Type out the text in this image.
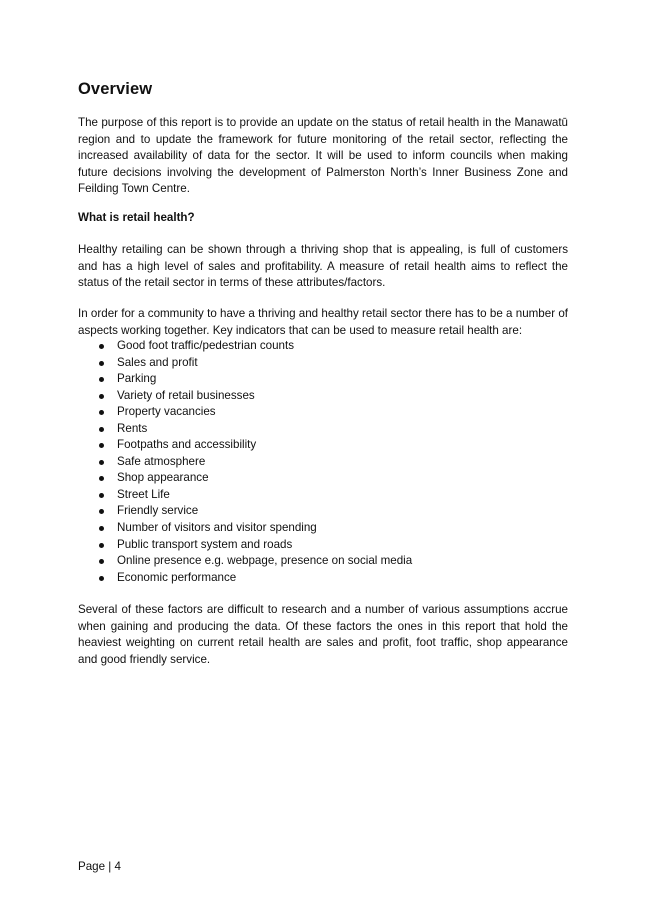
Overview

The purpose of this report is to provide an update on the status of retail health in the Manawatū region and to update the framework for future monitoring of the retail sector, reflecting the increased availability of data for the sector. It will be used to inform councils when making future decisions involving the development of Palmerston North’s Inner Business Zone and Feilding Town Centre.

What is retail health?

Healthy retailing can be shown through a thriving shop that is appealing, is full of customers and has a high level of sales and profitability. A measure of retail health aims to reflect the status of the retail sector in terms of these attributes/factors.

In order for a community to have a thriving and healthy retail sector there has to be a number of aspects working together. Key indicators that can be used to measure retail health are:

Good foot traffic/pedestrian counts
Sales and profit
Parking
Variety of retail businesses
Property vacancies
Rents
Footpaths and accessibility
Safe atmosphere
Shop appearance
Street Life
Friendly service
Number of visitors and visitor spending
Public transport system and roads
Online presence e.g. webpage, presence on social media
Economic performance

Several of these factors are difficult to research and a number of various assumptions accrue when gaining and producing the data. Of these factors the ones in this report that hold the heaviest weighting on current retail health are sales and profit, foot traffic, shop appearance and good friendly service.

Page | 4
